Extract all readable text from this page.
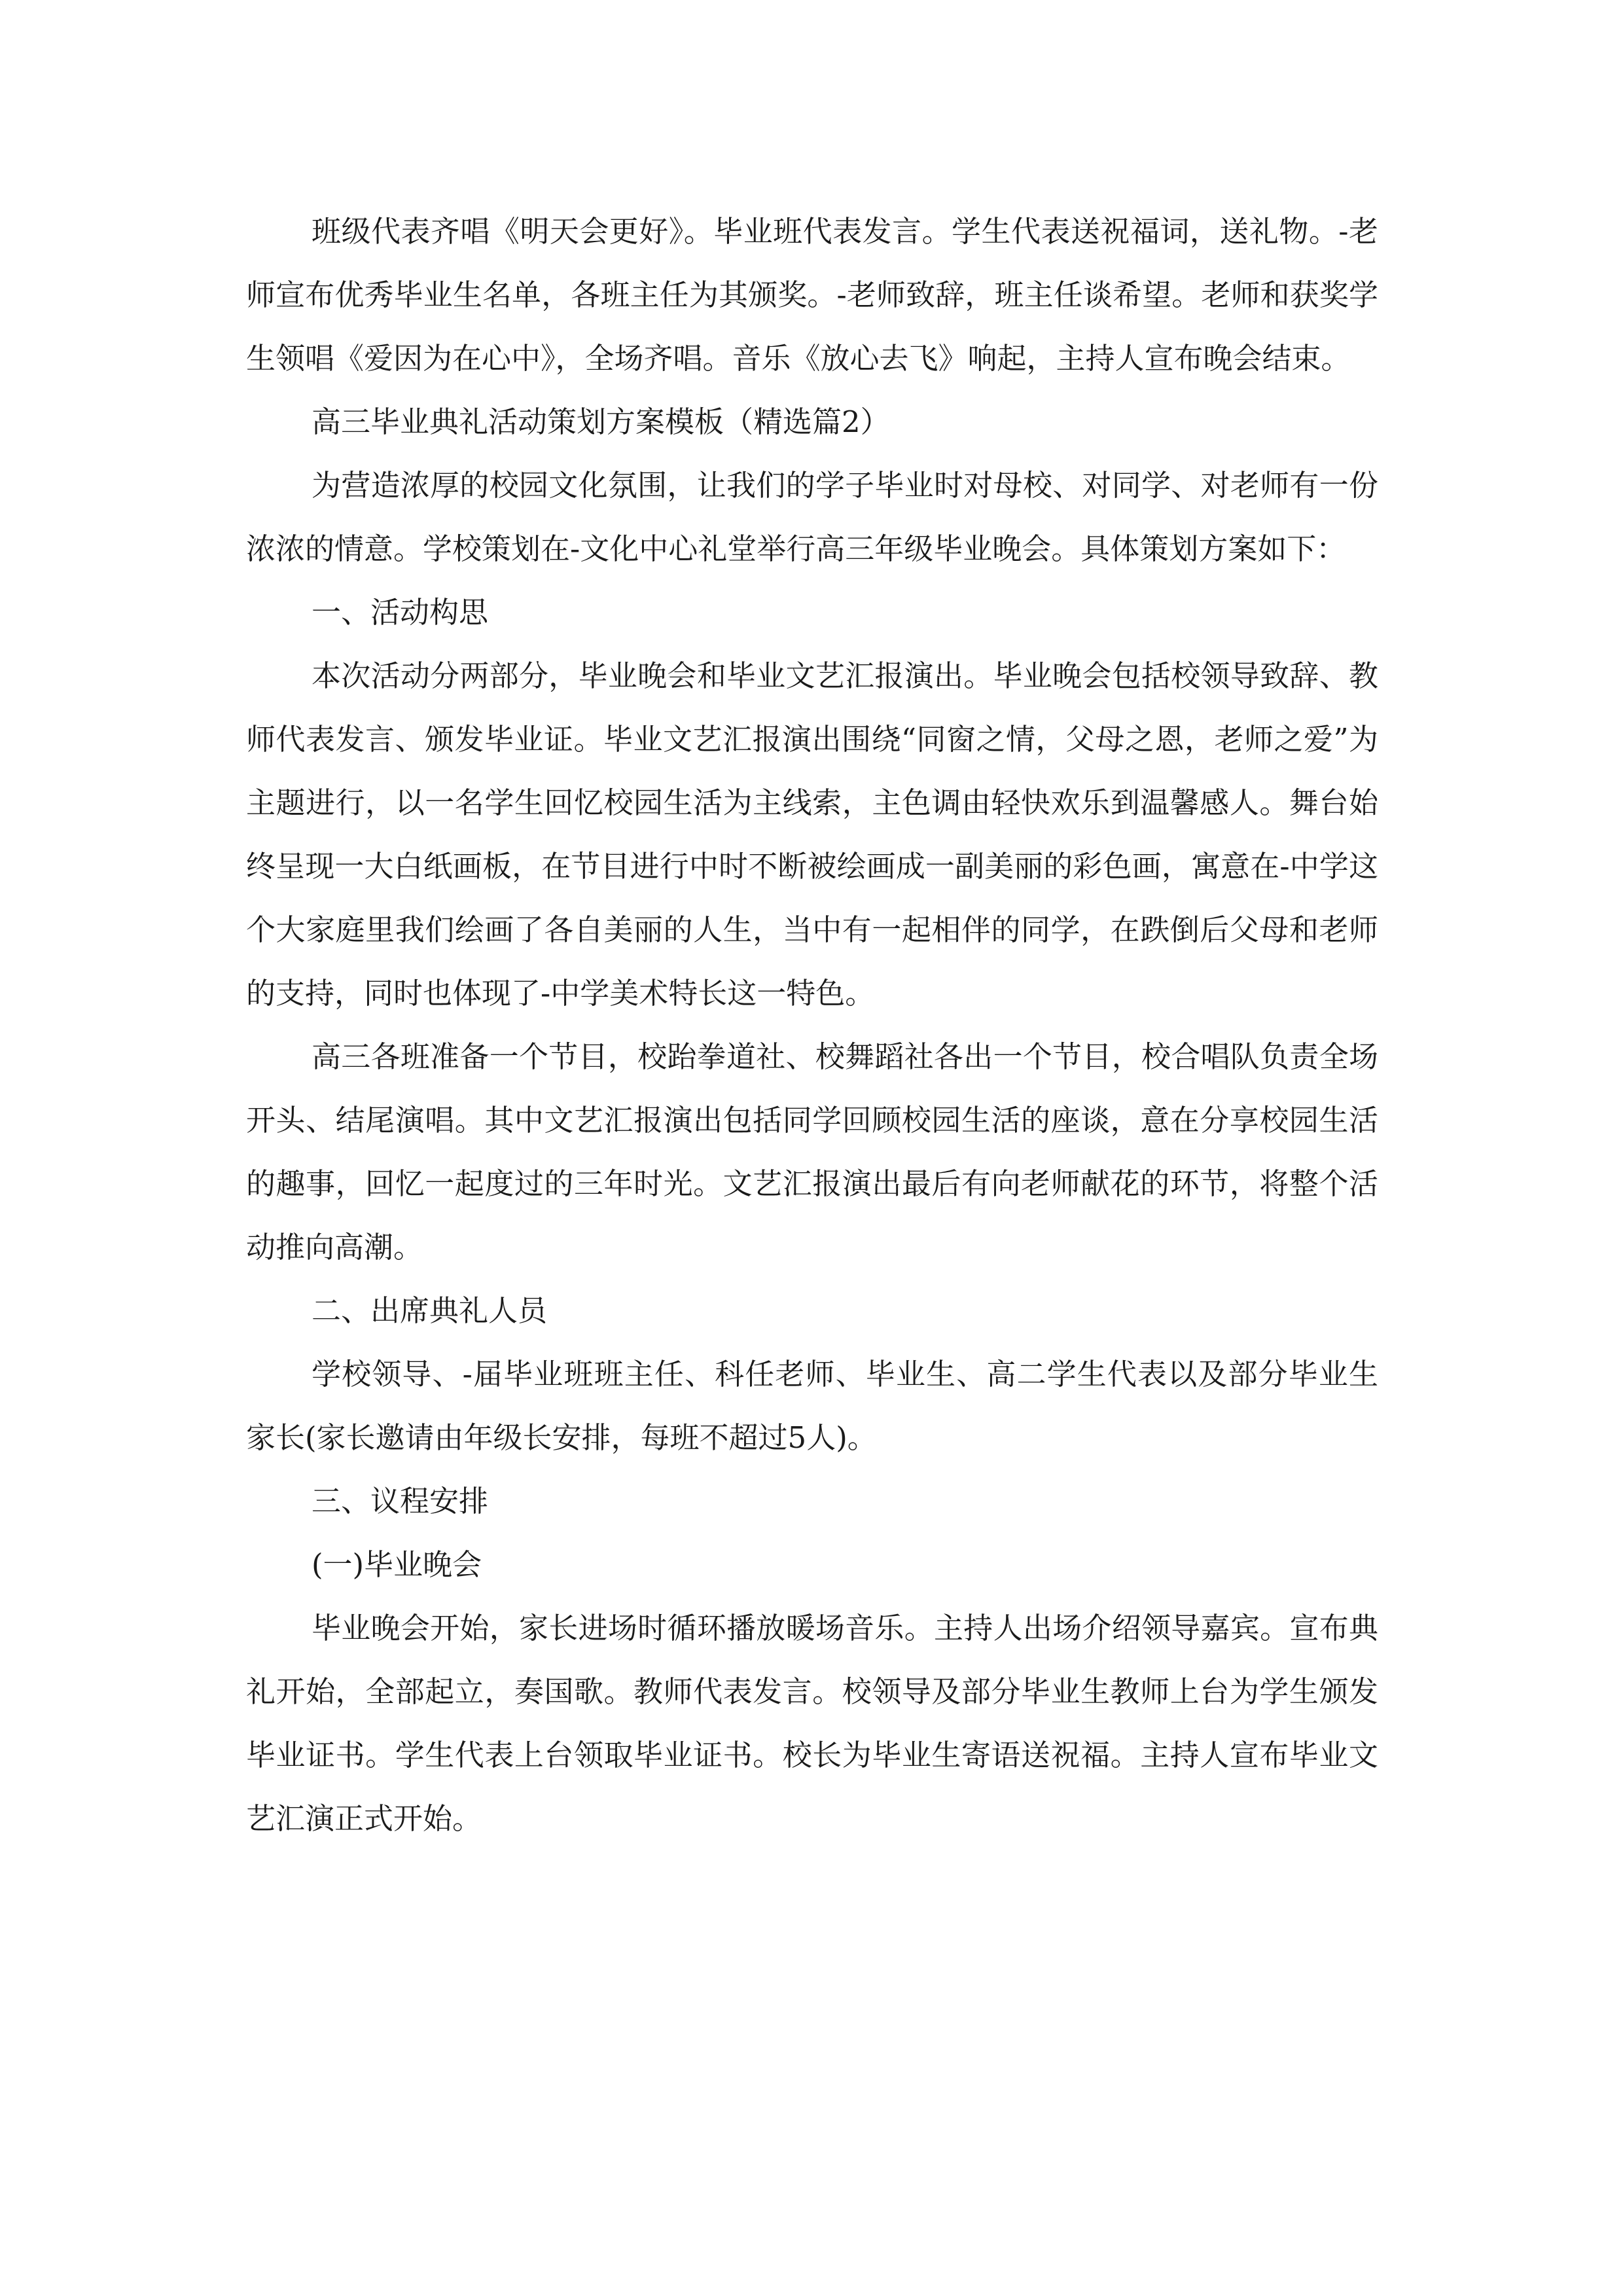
班级代表齐唱《明天会更好》。毕业班代表发言。学生代表送祝福词，送礼物。-老师宣布优秀毕业生名单，各班主任为其颁奖。-老师致辞，班主任谈希望。老师和获奖学生领唱《爱因为在心中》，全场齐唱。音乐《放心去飞》响起，主持人宣布晚会结束。

高三毕业典礼活动策划方案模板（精选篇2）

为营造浓厚的校园文化氛围，让我们的学子毕业时对母校、对同学、对老师有一份浓浓的情意。学校策划在-文化中心礼堂举行高三年级毕业晚会。具体策划方案如下：

一、活动构思

本次活动分两部分，毕业晚会和毕业文艺汇报演出。毕业晚会包括校领导致辞、教师代表发言、颁发毕业证。毕业文艺汇报演出围绕“同窗之情，父母之恩，老师之爱”为主题进行，以一名学生回忆校园生活为主线索，主色调由轻快欢乐到温馨感人。舞台始终呈现一大白纸画板，在节目进行中时不断被绘画成一副美丽的彩色画，寓意在-中学这个大家庭里我们绘画了各自美丽的人生，当中有一起相伴的同学，在跌倒后父母和老师的支持，同时也体现了-中学美术特长这一特色。

高三各班准备一个节目，校跆拳道社、校舞蹈社各出一个节目，校合唱队负责全场开头、结尾演唱。其中文艺汇报演出包括同学回顾校园生活的座谈，意在分享校园生活的趣事，回忆一起度过的三年时光。文艺汇报演出最后有向老师献花的环节，将整个活动推向高潮。

二、出席典礼人员

学校领导、-届毕业班班主任、科任老师、毕业生、高二学生代表以及部分毕业生家长(家长邀请由年级长安排，每班不超过5人)。

三、议程安排

(一)毕业晚会

毕业晚会开始，家长进场时循环播放暖场音乐。主持人出场介绍领导嘉宾。宣布典礼开始，全部起立，奏国歌。教师代表发言。校领导及部分毕业生教师上台为学生颁发毕业证书。学生代表上台领取毕业证书。校长为毕业生寄语送祝福。主持人宣布毕业文艺汇演正式开始。
